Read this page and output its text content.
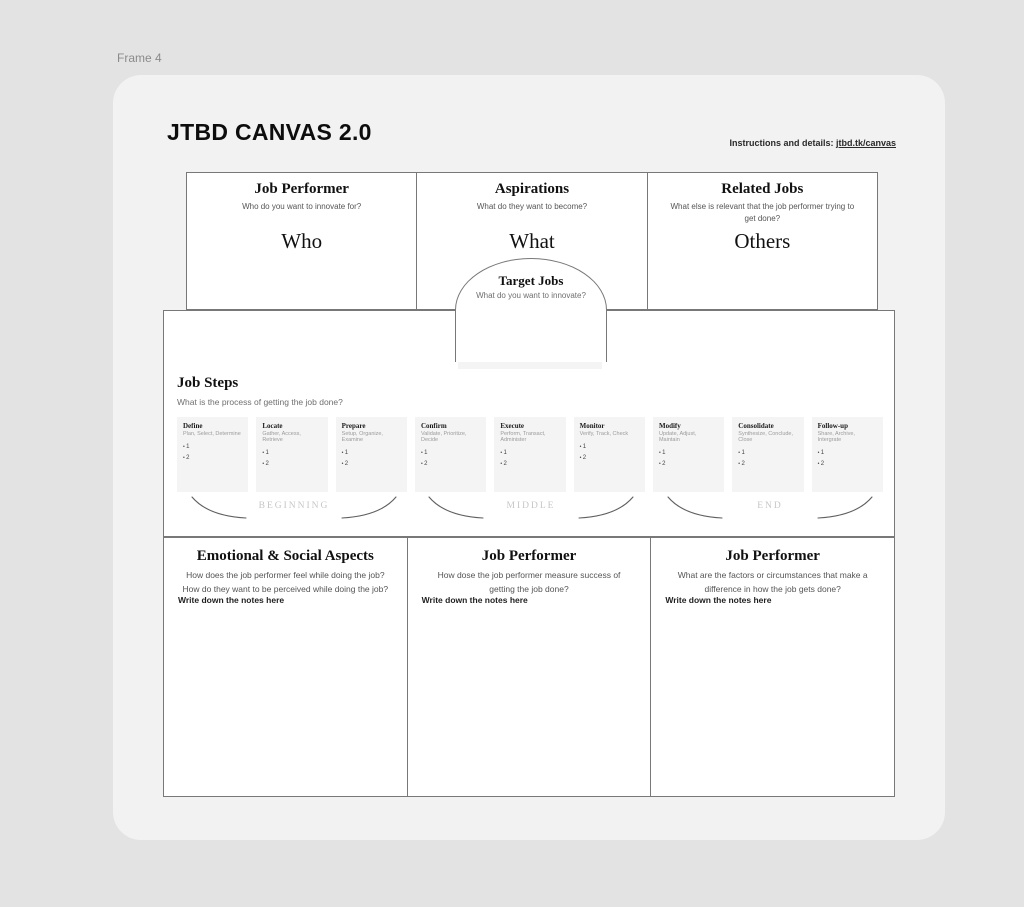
Frame 4
JTBD CANVAS 2.0	Instructions and details: jtbd.tk/canvas
Job Performer
Who do you want to innovate for?
Who
Aspirations
What do they want to become?
What
Related Jobs
What else is relevant that the job performer trying to get done?
Others
Target Jobs
What do you want to innovate?
Job Steps
What is the process of getting the job done?
Define
Plan, Select, Determine
• 1
• 2
Locate
Gather, Access, Retrieve
• 1
• 2
Prepare
Setup, Organize, Examine
• 1
• 2
Confirm
Validate, Prioritize, Decide
• 1
• 2
Execute
Perform, Transact, Administer
• 1
• 2
Monitor
Verify, Track, Check
• 1
• 2
Modify
Update, Adjust, Maintain
• 1
• 2
Consolidate
Synthesize, Conclude, Close
• 1
• 2
Follow-up
Share, Archive, Intergrate
• 1
• 2
BEGINNING	MIDDLE	END
Emotional & Social Aspects
How does the job performer feel while doing the job?
How do they want to be perceived while doing the job?
Write down the notes here
Job Performer
How dose the job performer measure success of getting the job done?
Write down the notes here
Job Performer
What are the factors or circumstances that make a difference in how the job gets done?
Write down the notes here
